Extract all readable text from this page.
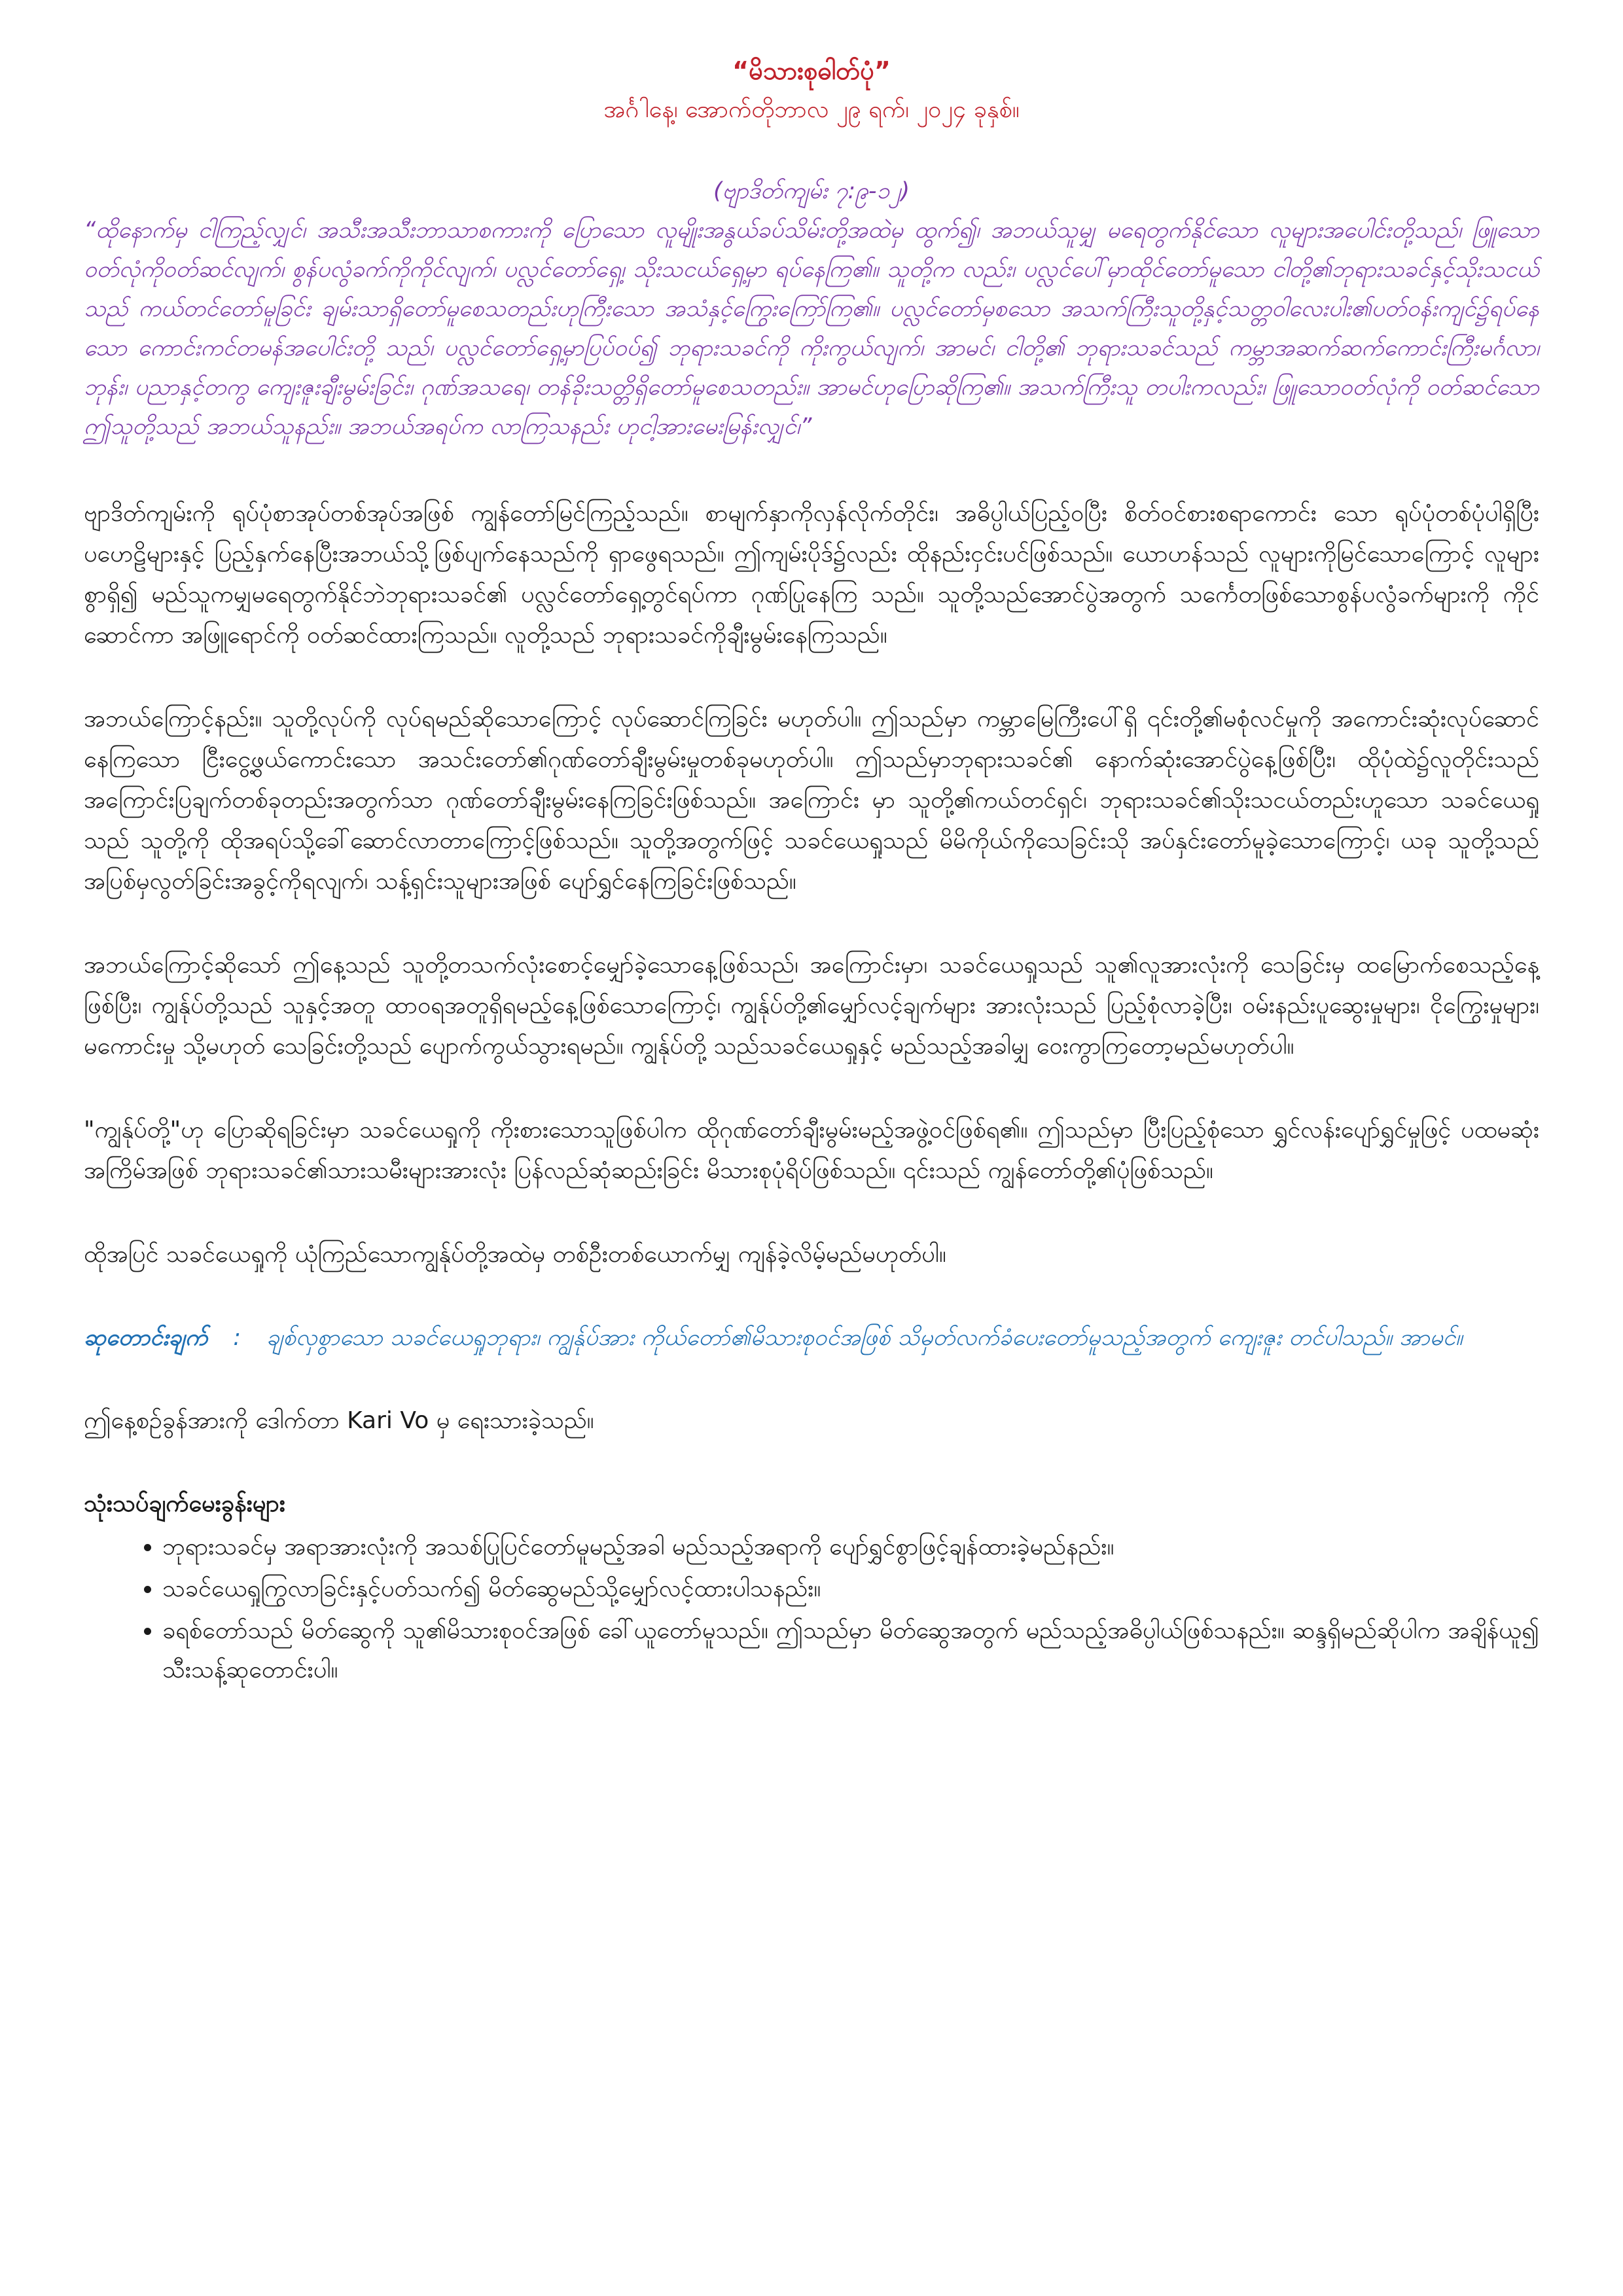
“မိသားစုဓါတ်ပုံ”

အင်္ဂါနေ့၊ အောက်တိုဘာလ ၂၉ ရက်၊ ၂၀၂၄ ခုနှစ်။

(ဗျာဒိတ်ကျမ်း ၇:၉-၁၂)

“ထိုနောက်မှ ငါကြည့်လျှင်၊ အသီးအသီးဘာသာစကားကို ပြောသော လူမျိုးအနွယ်ခပ်သိမ်းတို့အထဲမှ ထွက်၍၊ အဘယ်သူမျှ မရေတွက်နိုင်သော လူများအပေါင်းတို့သည်၊ ဖြူသောဝတ်လုံကိုဝတ်ဆင်လျက်၊ စွန်ပလွံခက်ကိုကိုင်လျက်၊ ပလ္လင်တော်ရှေ့၊ သိုးသငယ်ရှေ့မှာ ရပ်နေကြ၏။ သူတို့က လည်း၊ ပလ္လင်ပေါ်မှာထိုင်တော်မူသော ငါတို့၏ဘုရားသခင်နှင့်သိုးသငယ်သည် ကယ်တင်တော်မူခြင်း ချမ်းသာရှိတော်မူစေသတည်းဟုကြီးသော အသံနှင့်ကြွေးကြော်ကြ၏။ ပလ္လင်တော်မှစသော အသက်ကြီးသူတို့နှင့်သတ္တဝါလေးပါး၏ပတ်ဝန်းကျင်၌ရပ်နေသော ကောင်းကင်တမန်အပေါင်းတို့ သည်၊ ပလ္လင်တော်ရှေ့မှာပြပ်ဝပ်၍ ဘုရားသခင်ကို ကိုးကွယ်လျက်၊ အာမင်၊ ငါတို့၏ ဘုရားသခင်သည် ကမ္ဘာအဆက်ဆက်ကောင်းကြီးမင်္ဂလာ၊ ဘုန်း၊ ပညာနှင့်တကွ ကျေးဇူးချီးမွမ်းခြင်း၊ ဂုဏ်အသရေ၊ တန်ခိုးသတ္တိရှိတော်မူစေသတည်း။ အာမင်ဟုပြောဆိုကြ၏။ အသက်ကြီးသူ တပါးကလည်း၊ ဖြူသောဝတ်လုံကို ဝတ်ဆင်သော ဤသူတို့သည် အဘယ်သူနည်း။ အဘယ်အရပ်က လာကြသနည်း ဟုငါ့အားမေးမြန်းလျှင်၊”

ဗျာဒိတ်ကျမ်းကို ရုပ်ပုံစာအုပ်တစ်အုပ်အဖြစ် ကျွန်တော်မြင်ကြည့်သည်။ စာမျက်နှာကိုလှန်လိုက်တိုင်း၊ အဓိပ္ပါယ်ပြည့်ဝပြီး စိတ်ဝင်စားစရာကောင်း သော ရုပ်ပုံတစ်ပုံပါရှိပြီး ပဟေဠိများနှင့် ပြည့်နှက်နေပြီးအဘယ်သို့ဖြစ်ပျက်နေသည်ကို ရှာဖွေရသည်။ ဤကျမ်းပိုဒ်၌လည်း ထိုနည်းငှင်းပင်ဖြစ်သည်။ ယောဟန်သည် လူများကိုမြင်သောကြောင့် လူများစွာရှိ၍ မည်သူကမျှမရေတွက်နိုင်ဘဲဘုရားသခင်၏ ပလ္လင်တော်ရှေ့တွင်ရပ်ကာ ဂုဏ်ပြုနေကြ သည်။ သူတို့သည်အောင်ပွဲအတွက် သင်္ကေတဖြစ်သောစွန်ပလွံခက်များကို ကိုင်ဆောင်ကာ အဖြူရောင်ကို ဝတ်ဆင်ထားကြသည်။ လူတို့သည် ဘုရားသခင်ကိုချီးမွမ်းနေကြသည်။

အဘယ်ကြောင့်နည်း။ သူတို့လုပ်ကို လုပ်ရမည်ဆိုသောကြောင့် လုပ်ဆောင်ကြခြင်း မဟုတ်ပါ။ ဤသည်မှာ ကမ္ဘာမြေကြီးပေါ်ရှိ ၎င်းတို့၏မစုံလင်မှုကို အကောင်းဆုံးလုပ်ဆောင်နေကြသော ငြီးငွေ့ဖွယ်ကောင်းသော အသင်းတော်၏ဂုဏ်တော်ချီးမွမ်းမှုတစ်ခုမဟုတ်ပါ။ ဤသည်မှာဘုရားသခင်၏ နောက်ဆုံးအောင်ပွဲနေ့ဖြစ်ပြီး၊ ထိုပုံထဲ၌လူတိုင်းသည် အကြောင်းပြချက်တစ်ခုတည်းအတွက်သာ ဂုဏ်တော်ချီးမွမ်းနေကြခြင်းဖြစ်သည်။ အကြောင်း မှာ သူတို့၏ကယ်တင်ရှင်၊ ဘုရားသခင်၏သိုးသငယ်တည်းဟူသော သခင်ယေရှုသည် သူတို့ကို ထိုအရပ်သို့ခေါ်ဆောင်လာတာကြောင့်ဖြစ်သည်။ သူတို့အတွက်ဖြင့် သခင်ယေရှုသည် မိမိကိုယ်ကိုသေခြင်းသို အပ်နှင်းတော်မူခဲ့သောကြောင့်၊ ယခု သူတို့သည် အပြစ်မှလွတ်ခြင်းအခွင့်ကိုရလျက်၊ သန့်ရှင်းသူများအဖြစ် ပျော်ရွှင်နေကြခြင်းဖြစ်သည်။

အဘယ်ကြောင့်ဆိုသော် ဤနေ့သည် သူတို့တသက်လုံးစောင့်မျှော်ခဲ့သောနေ့ဖြစ်သည်၊ အကြောင်းမှာ၊ သခင်ယေရှုသည် သူ၏လူအားလုံးကို သေခြင်းမှ ထမြောက်စေသည့်နေ့ဖြစ်ပြီး၊ ကျွန်ုပ်တို့သည် သူနှင့်အတူ ထာဝရအတူရှိရမည့်နေ့ဖြစ်သောကြောင့်၊ ကျွန်ုပ်တို့၏မျှော်လင့်ချက်များ အားလုံးသည် ပြည့်စုံလာခဲ့ပြီး၊ ဝမ်းနည်းပူဆွေးမှုများ၊ ငိုကြွေးမှုများ၊ မကောင်းမှု သို့မဟုတ် သေခြင်းတို့သည် ပျောက်ကွယ်သွားရမည်။ ကျွန်ုပ်တို့ သည်သခင်ယေရှုနှင့် မည်သည့်အခါမျှ ဝေးကွာကြတော့မည်မဟုတ်ပါ။

"ကျွန်ုပ်တို့"ဟု ပြောဆိုရခြင်းမှာ သခင်ယေရှုကို ကိုးစားသောသူဖြစ်ပါက ထိုဂုဏ်တော်ချီးမွမ်းမည့်အဖွဲ့ဝင်ဖြစ်ရ၏။ ဤသည်မှာ ပြီးပြည့်စုံသော ရွှင်လန်းပျော်ရွှင်မှုဖြင့် ပထမဆုံးအကြိမ်အဖြစ် ဘုရားသခင်၏သားသမီးများအားလုံး ပြန်လည်ဆုံဆည်းခြင်း မိသားစုပုံရိပ်ဖြစ်သည်။ ၎င်းသည် ကျွန်တော်တို့၏ပုံဖြစ်သည်။

ထိုအပြင် သခင်ယေရှုကို ယုံကြည်သောကျွန်ုပ်တို့အထဲမှ တစ်ဦးတစ်ယောက်မျှ ကျန်ခဲ့လိမ့်မည်မဟုတ်ပါ။

ဆုတောင်းချက် : ချစ်လှစွာသော သခင်ယေရှုဘုရား၊ ကျွန်ုပ်အား ကိုယ်တော်၏မိသားစုဝင်အဖြစ် သိမှတ်လက်ခံပေးတော်မူသည့်အတွက် ကျေးဇူး တင်ပါသည်။ အာမင်။

ဤနေ့စဉ်ခွန်အားကို ဒေါက်တာ Kari Vo မှ ရေးသားခဲ့သည်။

သုံးသပ်ချက်မေးခွန်းများ

• ဘုရားသခင်မှ အရာအားလုံးကို အသစ်ပြုပြင်တော်မူမည့်အခါ မည်သည့်အရာကို ပျော်ရွှင်စွာဖြင့်ချန်ထားခဲ့မည်နည်း။
• သခင်ယေရှုကြွလာခြင်းနှင့်ပတ်သက်၍ မိတ်ဆွေမည်သို့မျှော်လင့်ထားပါသနည်း။
• ခရစ်တော်သည် မိတ်ဆွေကို သူ၏မိသားစုဝင်အဖြစ် ခေါ်ယူတော်မူသည်။ ဤသည်မှာ မိတ်ဆွေအတွက် မည်သည့်အဓိပ္ပါယ်ဖြစ်သနည်း။ ဆန္ဒရှိမည်ဆိုပါက အချိန်ယူ၍ သီးသန့်ဆုတောင်းပါ။
